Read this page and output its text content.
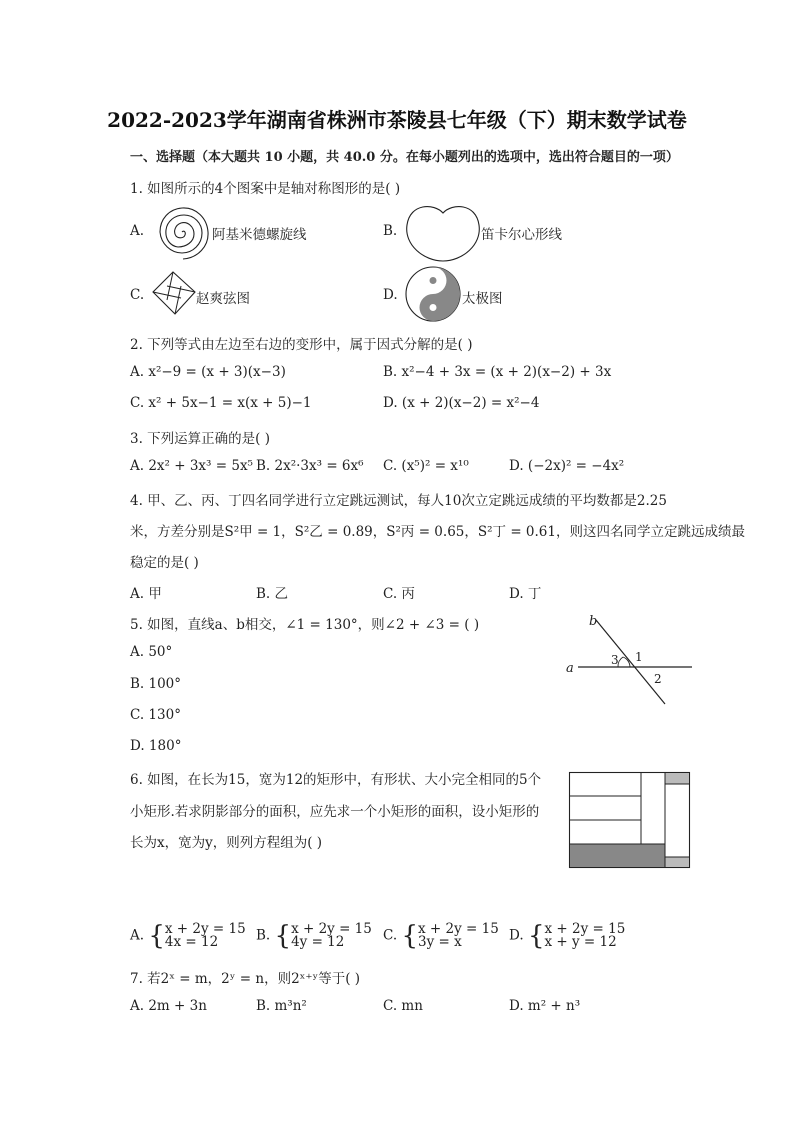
2022-2023学年湖南省株洲市茶陵县七年级（下）期末数学试卷
一、选择题（本大题共 10 小题，共 40.0 分。在每小题列出的选项中，选出符合题目的一项）
1. 如图所示的4个图案中是轴对称图形的是( )
A.	阿基米德螺旋线	B.	笛卡尔心形线
C.	赵爽弦图	D.	太极图
2. 下列等式由左边至右边的变形中，属于因式分解的是( )
A. x²−9 = (x + 3)(x−3)	B. x²−4 + 3x = (x + 2)(x−2) + 3x
C. x² + 5x−1 = x(x + 5)−1	D. (x + 2)(x−2) = x²−4
3. 下列运算正确的是( )
A. 2x² + 3x³ = 5x⁵ B. 2x²·3x³ = 6x⁶ C. (x⁵)² = x¹⁰	D. (−2x)² = −4x²
4. 甲、乙、丙、丁四名同学进行立定跳远测试，每人10次立定跳远成绩的平均数都是2.25
米，方差分别是S²甲 = 1，S²乙 = 0.89，S²丙 = 0.65，S²丁 = 0.61，则这四名同学立定跳远成绩最
稳定的是( )
A. 甲	B. 乙	C. 丙	D. 丁
5. 如图，直线a、b相交，∠1 = 130°，则∠2 + ∠3 = ( )
A. 50°
B. 100°
C. 130°
D. 180°
b
a
3 1
2
6. 如图，在长为15，宽为12的矩形中，有形状、大小完全相同的5个
小矩形.若求阴影部分的面积，应先求一个小矩形的面积，设小矩形的
长为x，宽为y，则列方程组为( )
A. {x + 2y = 15
4x = 12	B. {x + 2y = 15
4y = 12	C. {x + 2y = 15
3y = x	D. {x + 2y = 15
x + y = 12
7. 若2ˣ = m，2ʸ = n，则2ˣ⁺ʸ等于( )
A. 2m + 3n	B. m³n²	C. mn	D. m² + n³
